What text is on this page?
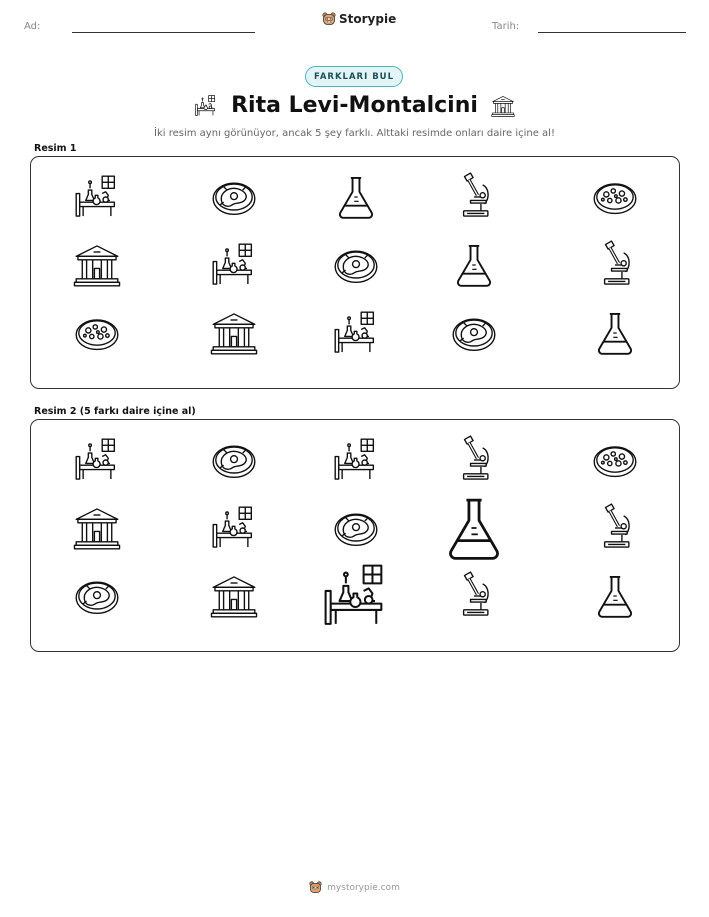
Ad:
Storypie
Tarih:
FARKLARI BUL
Rita Levi-Montalcini
İki resim aynı görünüyor, ancak 5 şey farklı. Alttaki resimde onları daire içine al!
Resim 1
Resim 2 (5 farkı daire içine al)
mystorypie.com
